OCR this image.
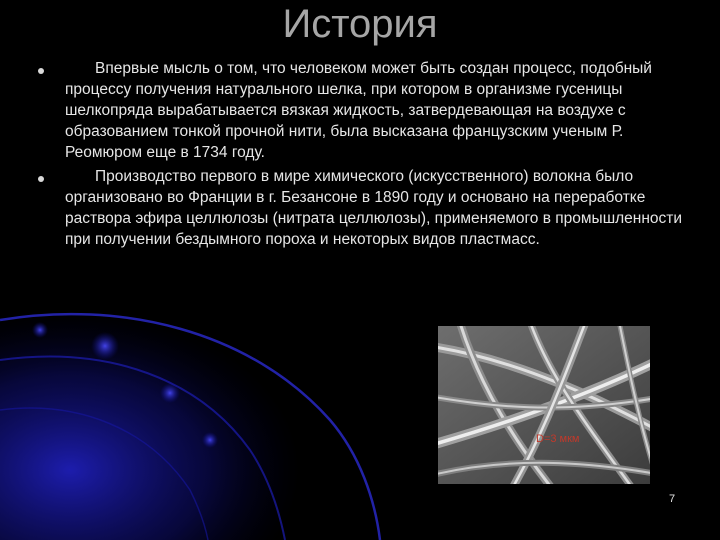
История
Впервые мысль о том, что человеком может быть создан процесс, подобный процессу получения натурального шелка, при котором в организме гусеницы шелкопряда вырабатывается вязкая жидкость, затвердевающая на воздухе с образованием тонкой прочной нити, была высказана французским ученым Р. Реомюром еще в 1734 году.
Производство первого в мире химического (искусственного) волокна было организовано во Франции в г. Безансоне в 1890 году и основано на переработке раствора эфира целлюлозы (нитрата целлюлозы), применяемого в промышленности при получении бездымного пороха и некоторых видов пластмасс.
D=3 мкм
7
